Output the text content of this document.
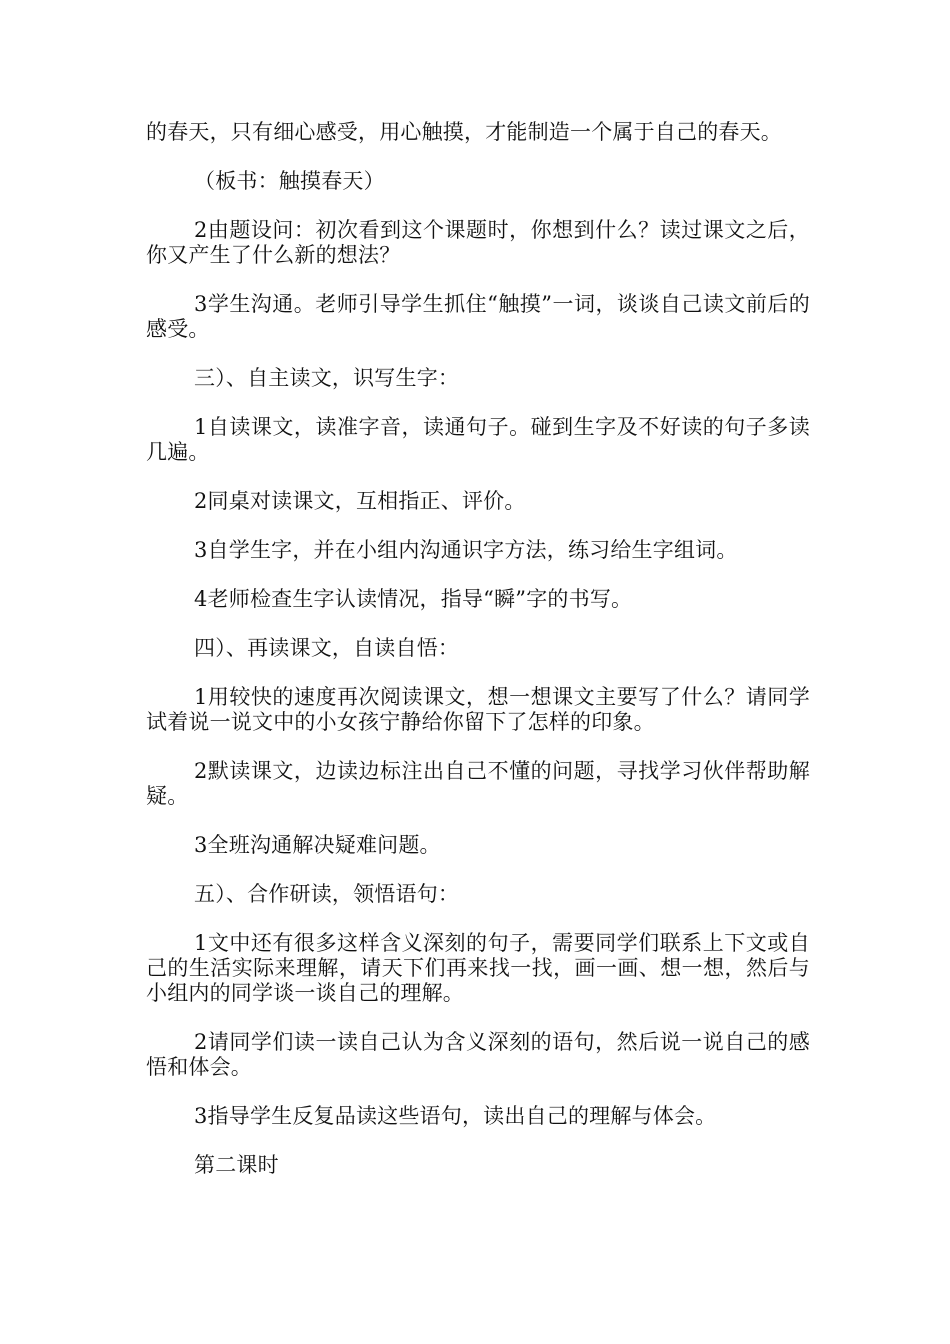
的春天，只有细心感受，用心触摸，才能制造一个属于自己的春天。

（板书：触摸春天）

2由题设问：初次看到这个课题时，你想到什么？读过课文之后，你又产生了什么新的想法？

3学生沟通。老师引导学生抓住“触摸”一词，谈谈自己读文前后的感受。

三）、自主读文，识写生字：

1自读课文，读准字音，读通句子。碰到生字及不好读的句子多读几遍。

2同桌对读课文，互相指正、评价。

3自学生字，并在小组内沟通识字方法，练习给生字组词。

4老师检查生字认读情况，指导“瞬”字的书写。

四）、再读课文，自读自悟：

1用较快的速度再次阅读课文，想一想课文主要写了什么？请同学试着说一说文中的小女孩宁静给你留下了怎样的印象。

2默读课文，边读边标注出自己不懂的问题，寻找学习伙伴帮助解疑。

3全班沟通解决疑难问题。

五）、合作研读，领悟语句：

1文中还有很多这样含义深刻的句子，需要同学们联系上下文或自己的生活实际来理解，请天下们再来找一找，画一画、想一想，然后与小组内的同学谈一谈自己的理解。

2请同学们读一读自己认为含义深刻的语句，然后说一说自己的感悟和体会。

3指导学生反复品读这些语句，读出自己的理解与体会。

第二课时
